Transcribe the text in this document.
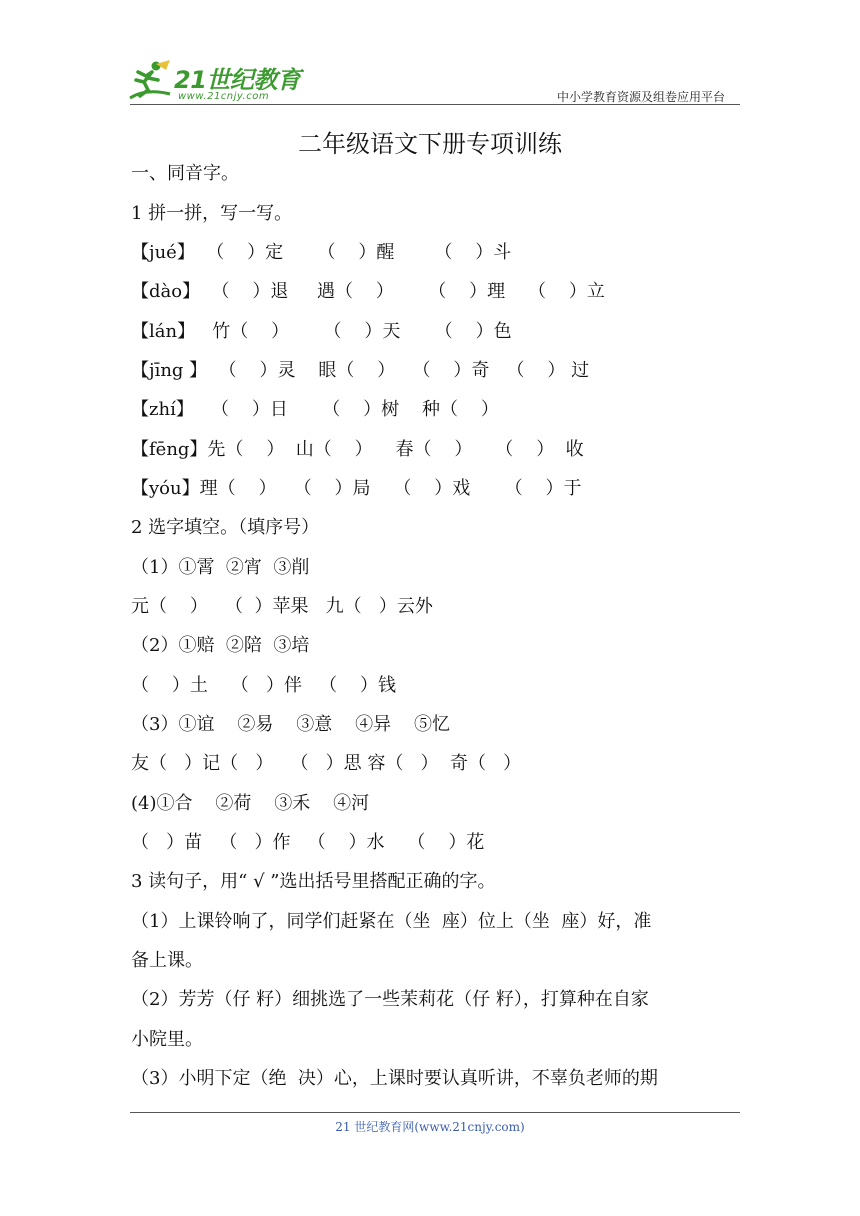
21世纪教育
www.21cnjy.com	中小学教育资源及组卷应用平台
二年级语文下册专项训练
一、同音字。
1 拼一拼，写一写。
【jué】  （    ）定      （    ）醒       （    ）斗
【dào】  （    ）退     遇（    ）      （    ）理    （    ）立
【lán】   竹（    ）      （    ）天      （    ）色
【jīng 】  （    ）灵    眼（    ）   （    ）奇   （    ） 过
【zhí】   （    ）日      （    ）树    种（    ）
【fēng】先（    ）  山（    ）    春（    ）    （    ）  收
【yóu】理（    ）   （    ）局    （    ）戏      （    ）于
2 选字填空。（填序号）
（1）①霄  ②宵  ③削
元（    ）   （  ）苹果   九（   ）云外
（2）①赔  ②陪  ③培
（    ）土    （   ）伴   （    ）钱
（3）①谊    ②易    ③意    ④异    ⑤忆
友（   ）记（   ）   （   ）思 容（   ）  奇（   ）
(4)①合    ②荷    ③禾    ④河
（   ）苗   （   ）作   （    ）水    （    ）花
3 读句子，用“ √ ”选出括号里搭配正确的字。
（1）上课铃响了，同学们赶紧在（坐  座）位上（坐  座）好，准
备上课。
（2）芳芳（仔 籽）细挑选了一些茉莉花（仔 籽），打算种在自家
小院里。
（3）小明下定（绝  决）心，上课时要认真听讲，不辜负老师的期
21 世纪教育网(www.21cnjy.com)
